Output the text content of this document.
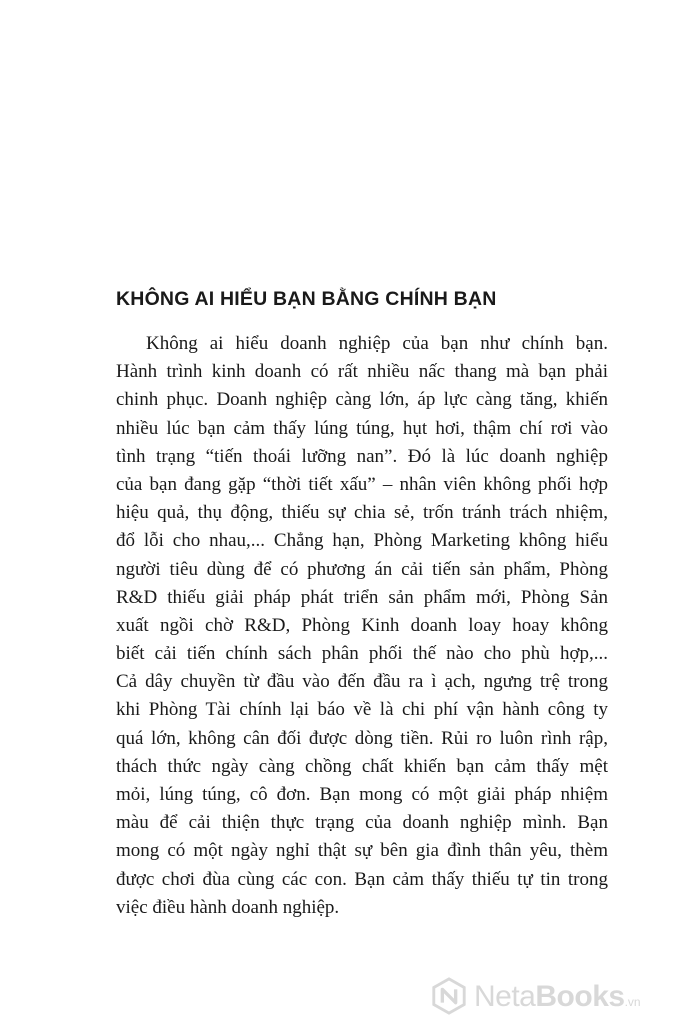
KHÔNG AI HIỂU BẠN BẰNG CHÍNH BẠN
Không ai hiểu doanh nghiệp của bạn như chính bạn.
Hành trình kinh doanh có rất nhiều nấc thang mà bạn phải
chinh phục. Doanh nghiệp càng lớn, áp lực càng tăng, khiến
nhiều lúc bạn cảm thấy lúng túng, hụt hơi, thậm chí rơi vào
tình trạng “tiến thoái lưỡng nan”. Đó là lúc doanh nghiệp
của bạn đang gặp “thời tiết xấu” – nhân viên không phối hợp
hiệu quả, thụ động, thiếu sự chia sẻ, trốn tránh trách nhiệm,
đổ lỗi cho nhau,... Chẳng hạn, Phòng Marketing không hiểu
người tiêu dùng để có phương án cải tiến sản phẩm, Phòng
R&D thiếu giải pháp phát triển sản phẩm mới, Phòng Sản
xuất ngồi chờ R&D, Phòng Kinh doanh loay hoay không
biết cải tiến chính sách phân phối thế nào cho phù hợp,...
Cả dây chuyền từ đầu vào đến đầu ra ì ạch, ngưng trệ trong
khi Phòng Tài chính lại báo về là chi phí vận hành công ty
quá lớn, không cân đối được dòng tiền. Rủi ro luôn rình rập,
thách thức ngày càng chồng chất khiến bạn cảm thấy mệt
mỏi, lúng túng, cô đơn. Bạn mong có một giải pháp nhiệm
màu để cải thiện thực trạng của doanh nghiệp mình. Bạn
mong có một ngày nghỉ thật sự bên gia đình thân yêu, thèm
được chơi đùa cùng các con. Bạn cảm thấy thiếu tự tin trong
việc điều hành doanh nghiệp.
NetaBooks.vn
